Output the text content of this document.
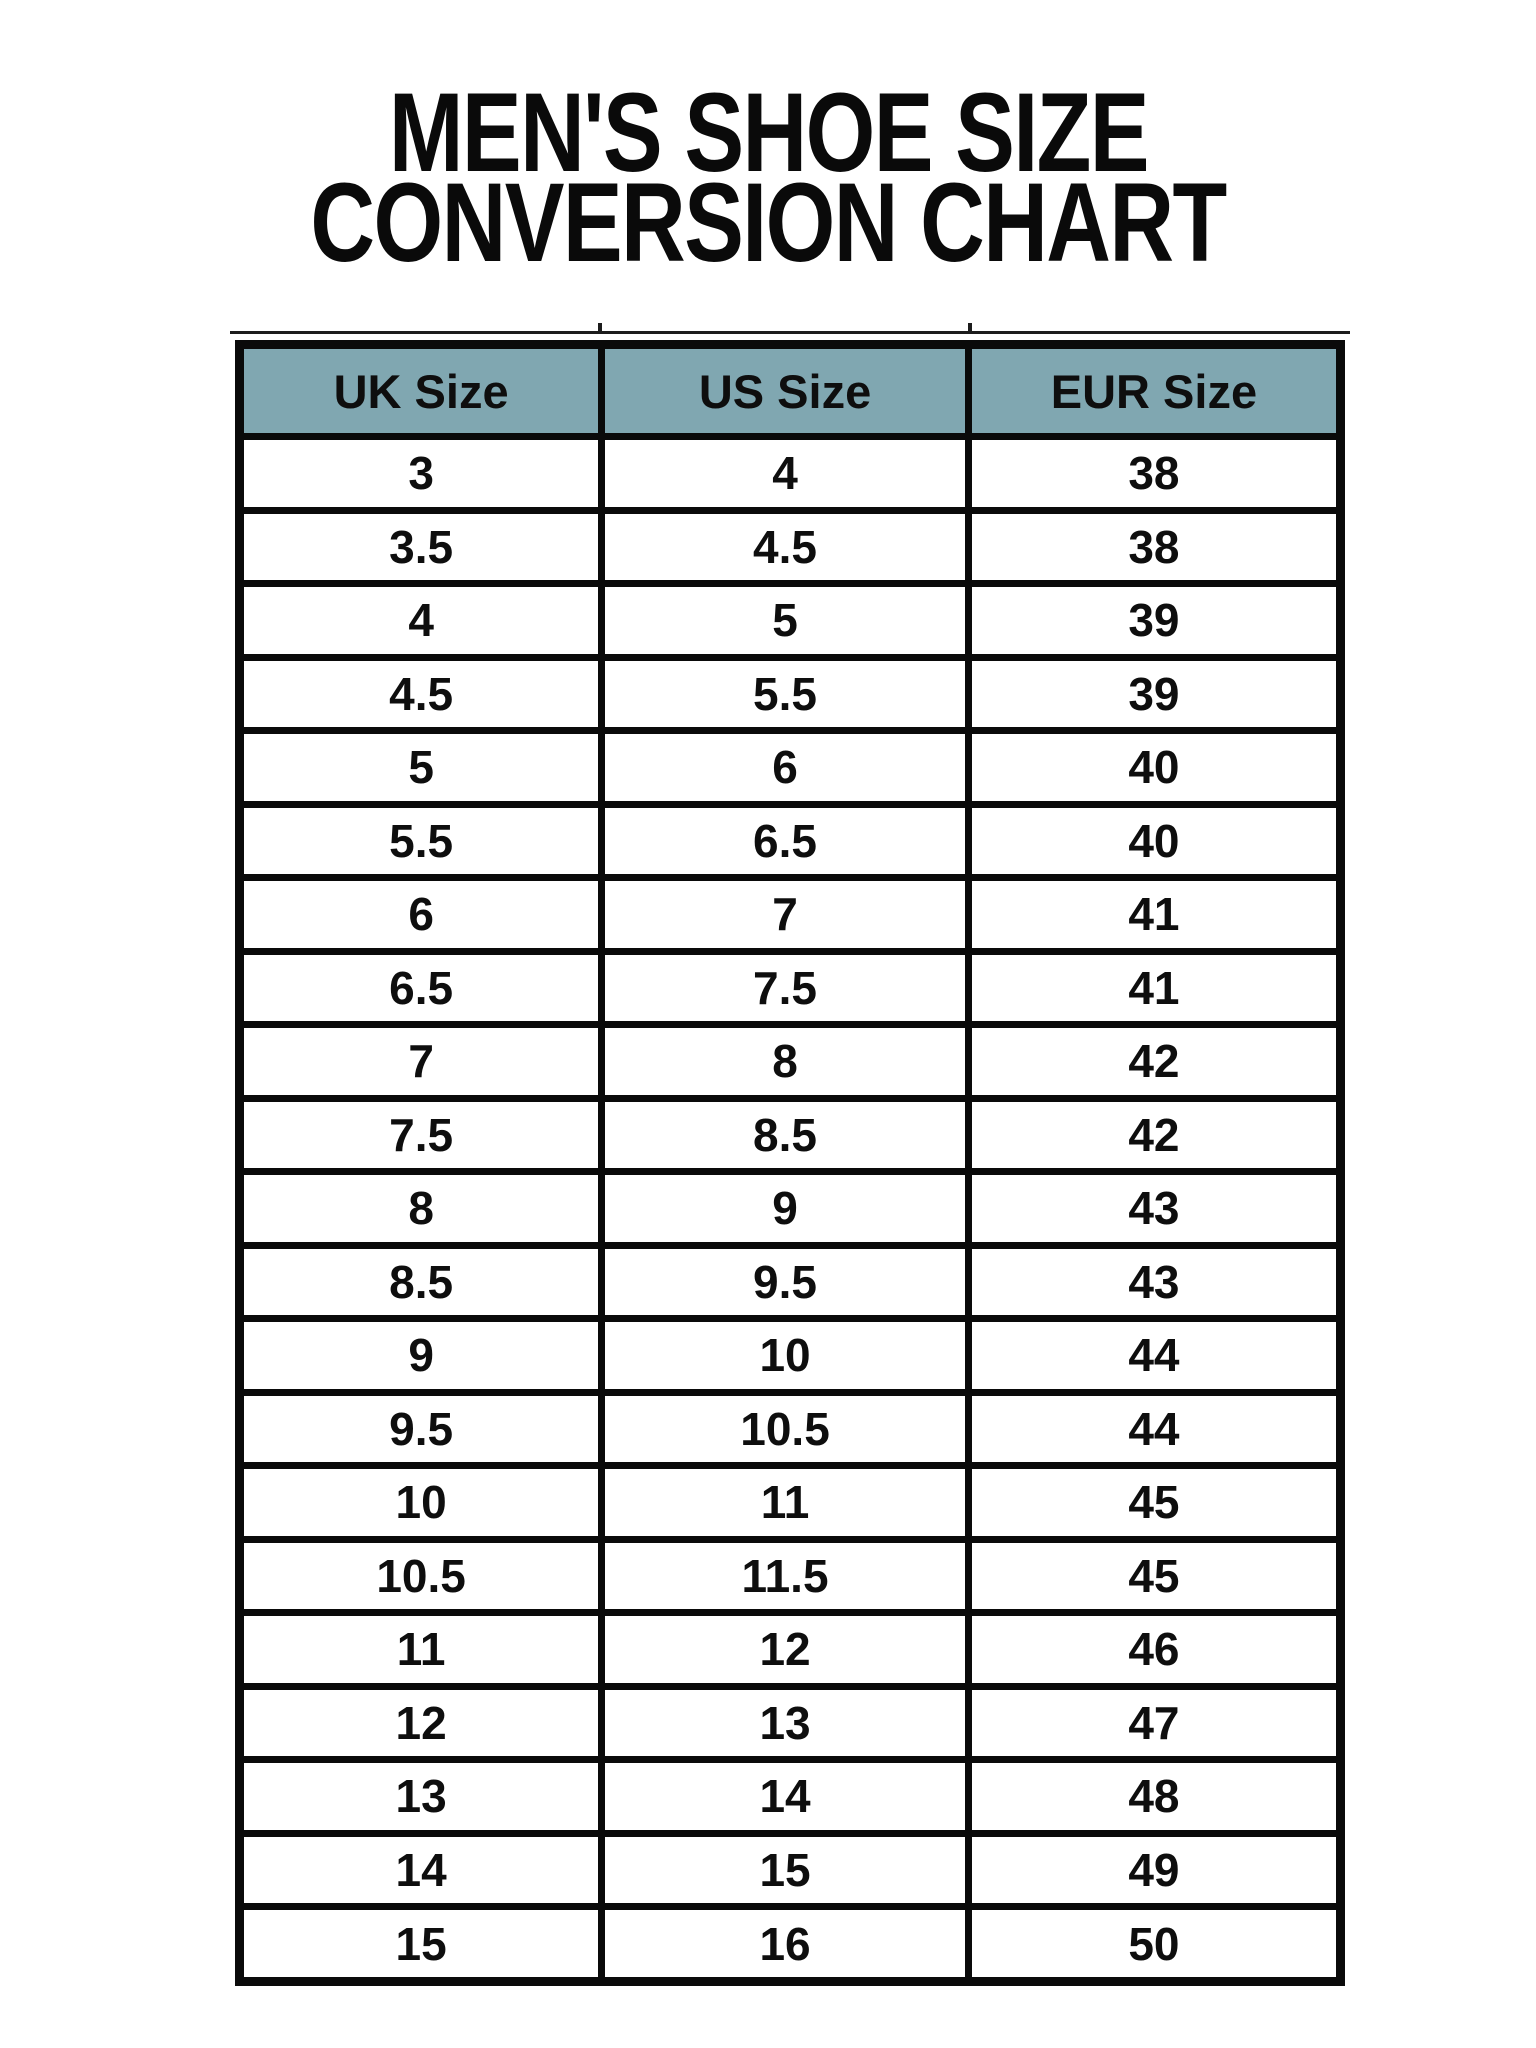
MEN'S SHOE SIZE
CONVERSION CHART
UK Size	US Size	EUR Size
3	4	38
3.5	4.5	38
4	5	39
4.5	5.5	39
5	6	40
5.5	6.5	40
6	7	41
6.5	7.5	41
7	8	42
7.5	8.5	42
8	9	43
8.5	9.5	43
9	10	44
9.5	10.5	44
10	11	45
10.5	11.5	45
11	12	46
12	13	47
13	14	48
14	15	49
15	16	50
